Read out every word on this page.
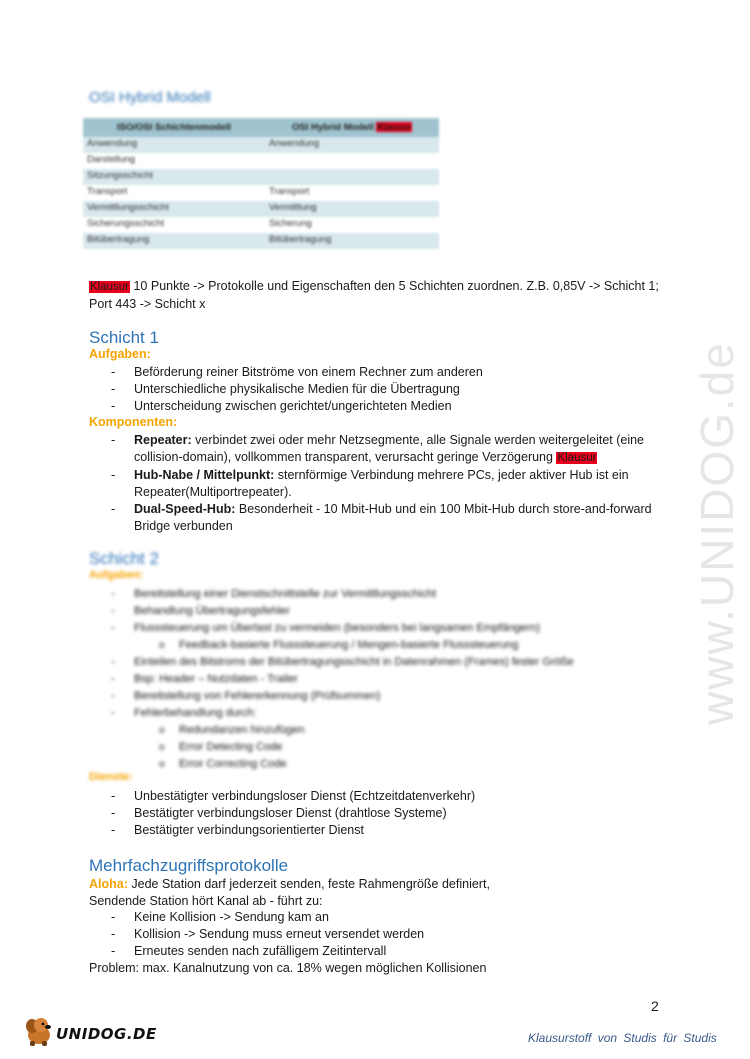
www.UNIDOG.de
OSI Hybrid Modell
ISO/OSI Schichtenmodell	OSI Hybrid Modell Klausur
Anwendung	Anwendung
Darstellung	
Sitzungsschicht	
Transport	Transport
Vermittlungsschicht	Vermittlung
Sicherungsschicht	Sicherung
Bitübertragung	Bitübertragung
Klausur 10 Punkte -> Protokolle und Eigenschaften den 5 Schichten zuordnen. Z.B. 0,85V -> Schicht 1; Port 443 -> Schicht x
Schicht 1
Aufgaben:
- Beförderung reiner Bitströme von einem Rechner zum anderen
- Unterschiedliche physikalische Medien für die Übertragung
- Unterscheidung zwischen gerichtet/ungerichteten Medien
Komponenten:
- Repeater: verbindet zwei oder mehr Netzsegmente, alle Signale werden weitergeleitet (eine collision-domain), vollkommen transparent, verursacht geringe Verzögerung Klausur
- Hub-Nabe / Mittelpunkt: sternförmige Verbindung mehrere PCs, jeder aktiver Hub ist ein Repeater(Multiportrepeater).
- Dual-Speed-Hub: Besonderheit - 10 Mbit-Hub und ein 100 Mbit-Hub durch store-and-forward Bridge verbunden
Schicht 2
Aufgaben:
- Bereitstellung einer Dienstschnittstelle zur Vermittlungsschicht
- Behandlung Übertragungsfehler
- Flusssteuerung um Überlast zu vermeiden (besonders bei langsamen Empfängern)
o Feedback-basierte Flusssteuerung / Mengen-basierte Flusssteuerung
- Einteilen des Bitstroms der Bitübertragungsschicht in Datenrahmen (Frames) fester Größe
- Bsp: Header – Nutzdaten - Trailer
- Bereitstellung von Fehlererkennung (Prüfsummen)
- Fehlerbehandlung durch:
o Redundanzen hinzufügen
o Error Detecting Code
o Error Correcting Code
Dienste:
- Unbestätigter verbindungsloser Dienst (Echtzeitdatenverkehr)
- Bestätigter verbindungsloser Dienst (drahtlose Systeme)
- Bestätigter verbindungsorientierter Dienst
Mehrfachzugriffsprotokolle
Aloha: Jede Station darf jederzeit senden, feste Rahmengröße definiert,
Sendende Station hört Kanal ab - führt zu:
- Keine Kollision -> Sendung kam an
- Kollision -> Sendung muss erneut versendet werden
- Erneutes senden nach zufälligem Zeitintervall
Problem: max. Kanalnutzung von ca. 18% wegen möglichen Kollisionen
2
UNIDOG.DE	Klausurstoff von Studis für Studis
